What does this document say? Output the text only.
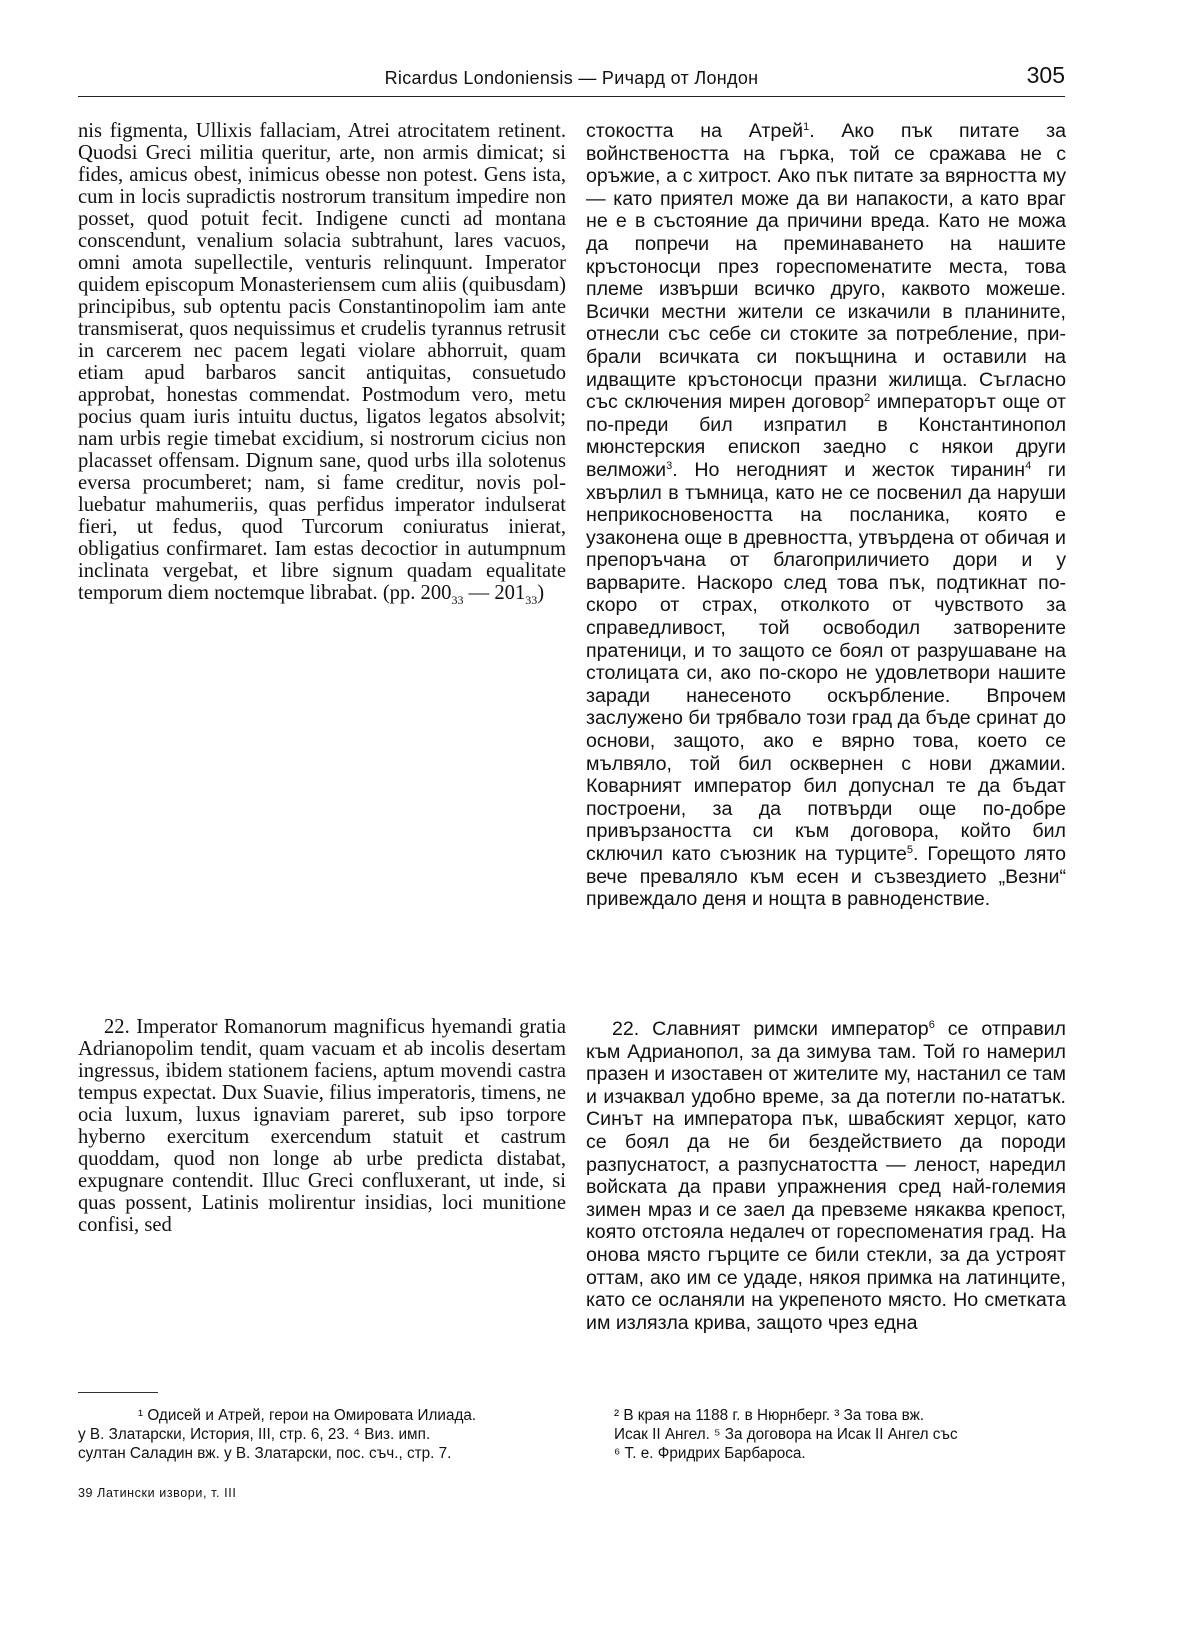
Ricardus Londoniensis — Ричард от Лондон	305

nis figmenta, Ullixis fallaciam, Atrei atrocitatem retinent. Quodsi Greci militia queritur, arte, non armis dimicat; si fides, amicus obest, inimicus obesse non potest. Gens ista, cum in locis supradictis nostrorum transitum impedire non posset, quod potuit fecit. Indigene cuncti ad montana conscendunt, venalium solacia subtrahunt, lares vacuos, omni amota supellectile, venturis relinquunt. Imperator quidem episcopum Monasteriensem cum aliis (quibusdam) principibus, sub optentu pacis Constantinopolim iam ante transmiserat, quos nequissimus et crudelis tyrannus retrusit in carcerem nec pacem legati violare abhorruit, quam etiam apud barbaros sancit antiquitas, consuetudo approbat, honestas commendat. Postmodum vero, metu pocius quam iuris intuitu ductus, ligatos legatos absolvit; nam urbis regie timebat excidium, si nostrorum cicius non placasset offensam. Dignum sane, quod urbs illa solotenus eversa procumberet; nam, si fame creditur, novis polluebatur mahumeriis, quas perfidus imperator indulserat fieri, ut fedus, quod Turcorum coniuratus inierat, obligatius confirmaret. Iam estas decoctior in autumpnum inclinata vergebat, et libre signum quadam equalitate temporum diem noctemque librabat. (pp. $200_{33}$ — $201_{33}$)

22. Imperator Romanorum magnificus hyemandi gratia Adrianopolim tendit, quam vacuam et ab incolis desertam ingressus, ibidem stationem faciens, aptum movendi castra tempus expectat. Dux Suavie, filius imperatoris, timens, ne ocia luxum, luxus ignaviam pareret, sub ipso torpore hyberno exercitum exercendum statuit et castrum quoddam, quod non longe ab urbe predicta distabat, expugnare contendit. Illuc Greci confluxerant, ut inde, si quas possent, Latinis molirentur insidias, loci munitione confisi, sed

стокостта на Атрей$^1$. Ако пък питате за войнствеността на гърка, той се сражава не с оръжие, а с хитрост. Ако пък питате за вярността му — като приятел може да ви напакости, а като враг не е в състояние да причини вреда. Като не можа да попречи на преминаването на нашите кръстоносци през гореспоменатите места, това племе извърши всичко друго, каквото можеше. Всички местни жители се изкачили в планините, отнесли със себе си стоките за потребление, прибрали всичката си покъщнина и оставили на идващите кръстоносци празни жилища. Съгласно със сключения мирен договор$^2$ императорът още от по-преди бил изпратил в Константинопол мюнстерския епископ заедно с някои други велможи$^3$. Но негодният и жесток тиранин$^4$ ги хвърлил в тъмница, като не се посвенил да наруши неприкосновеността на посланика, която е узаконена още в древността, утвърдена от обичая и препоръчана от благоприличието дори и у варварите. Наскоро след това пък, подтикнат по-скоро от страх, отколкото от чувството за справедливост, той освободил затворените пратеници, и то защото се боял от разрушаване на столицата си, ако по-скоро не удовлетвори нашите заради нанесеното оскърбление. Впрочем заслужено би трябвало този град да бъде сринат до основи, защото, ако е вярно това, което се мълвяло, той бил осквернен с нови джамии. Коварният император бил допуснал те да бъдат построени, за да потвърди още по-добре привързаността си към договора, който бил сключил като съюзник на турците$^5$. Горещото лято вече преваляло към есен и съзвездието „Везни“ привеждало деня и нощта в равноденствие.

22. Славният римски император$^6$ се отправил към Адрианопол, за да зимува там. Той го намерил празен и изоставен от жителите му, настанил се там и изчаквал удобно време, за да потегли по-нататък. Синът на императора пък, швабският херцог, като се боял да не би бездействието да породи разпуснатост, а разпуснатостта — леност, наредил войската да прави упражнения сред най-големия зимен мраз и се заел да превземе някаква крепост, която отстояла недалеч от гореспоменатия град. На онова място гърците се били стекли, за да устроят оттам, ако им се удаде, някоя примка на латинците, като се осланяли на укрепеното място. Но сметката им излязла крива, защото чрез една

¹ Одисей и Атрей, герои на Омировата Илиада.	² В края на 1188 г. в Нюрнберг. ³ За това вж.
у В. Златарски, История, III, стр. 6, 23. ⁴ Виз. имп.	Исак II Ангел. ⁵ За договора на Исак II Ангел със
султан Саладин вж. у В. Златарски, пос. съч., стр. 7.	⁶ Т. е. Фридрих Барбароса.
39 Латински извори, т. III
